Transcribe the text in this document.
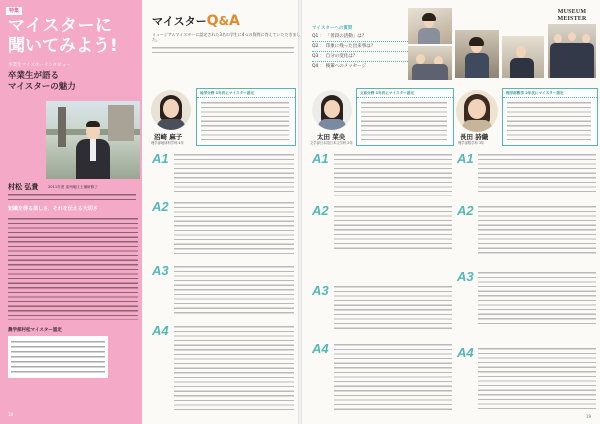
特集
マイスターに
聞いてみよう!
卒業生マイスターインタビュー
卒業生が語る
マイスターの魅力
村松 弘貴	2011年度 遠州地区土壌研修了
知識を得る楽しさ、それを伝える大切さ
農学部村松マイスター認定
18
マイスターQ&A
ミュージアムマイスターに認定された3名の学生に4つの質問に答えていただきました。
マイスターへの質問
Q1 ： 「普段の活動」は？
Q2 ： 印象に残った出来事は？
Q3 ： 自分の変化は？
Q4 ： 後輩へのメッセージ
MUSEUM MEISTER
沼崎 麻子
理学部地球科学科 4年
地学分野 1年次にマイスター認定
太田 菜央
文学部日本語日本文学科 2年
文系分野 1年次にマイスター認定
長田 詩織
理学部数学科 3年
理学部数学 2年次にマイスター認定
A1
A2
A3
A4
A1
A2
A3
A4
A1
A2
A3
A4
19
